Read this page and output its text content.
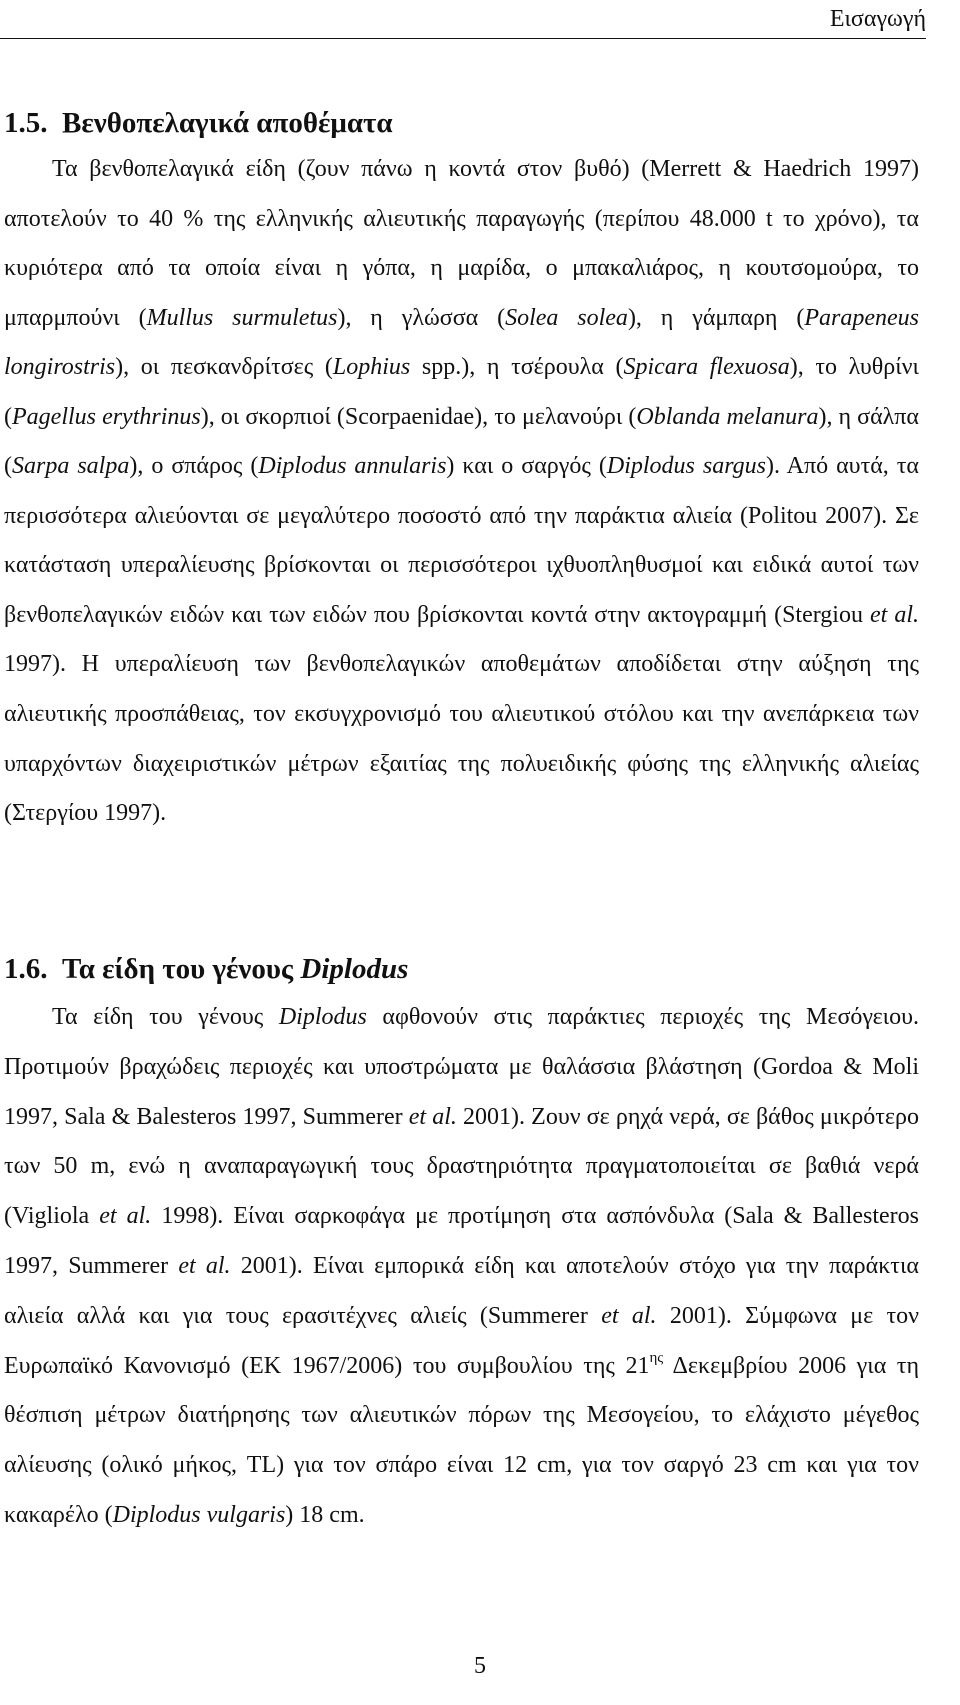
Εισαγωγή
1.5. Βενθοπελαγικά αποθέματα

Τα βενθοπελαγικά είδη (ζουν πάνω η κοντά στον βυθό) (Merrett & Haedrich 1997) αποτελούν το 40 % της ελληνικής αλιευτικής παραγωγής (περίπου 48.000 t το χρόνο), τα κυριότερα από τα οποία είναι η γόπα, η μαρίδα, ο μπακαλιάρος, η κουτσομούρα, το μπαρμπούνι (Mullus surmuletus), η γλώσσα (Solea solea), η γάμπαρη (Parapeneus longirostris), οι πεσκανδρίτσες (Lophius spp.), η τσέρουλα (Spicara flexuosa), το λυθρίνι (Pagellus erythrinus), οι σκορπιοί (Scorpaenidae), το μελανούρι (Oblanda melanura), η σάλπα (Sarpa salpa), ο σπάρος (Diplodus annularis) και ο σαργός (Diplodus sargus). Από αυτά, τα περισσότερα αλιεύονται σε μεγαλύτερο ποσοστό από την παράκτια αλιεία (Politou 2007). Σε κατάσταση υπεραλίευσης βρίσκονται οι περισσότεροι ιχθυοπληθυσμοί και ειδικά αυτοί των βενθοπελαγικών ειδών και των ειδών που βρίσκονται κοντά στην ακτογραμμή (Stergiou et al. 1997). Η υπεραλίευση των βενθοπελαγικών αποθεμάτων αποδίδεται στην αύξηση της αλιευτικής προσπάθειας, τον εκσυγχρονισμό του αλιευτικού στόλου και την ανεπάρκεια των υπαρχόντων διαχειριστικών μέτρων εξαιτίας της πολυειδικής φύσης της ελληνικής αλιείας (Στεργίου 1997).

1.6. Τα είδη του γένους Diplodus

Τα είδη του γένους Diplodus αφθονούν στις παράκτιες περιοχές της Μεσόγειου. Προτιμούν βραχώδεις περιοχές και υποστρώματα με θαλάσσια βλάστηση (Gordoa & Moli 1997, Sala & Balesteros 1997, Summerer et al. 2001). Ζουν σε ρηχά νερά, σε βάθος μικρότερο των 50 m, ενώ η αναπαραγωγική τους δραστηριότητα πραγματοποιείται σε βαθιά νερά (Vigliola et al. 1998). Είναι σαρκοφάγα με προτίμηση στα ασπόνδυλα (Sala & Ballesteros 1997, Summerer et al. 2001). Είναι εμπορικά είδη και αποτελούν στόχο για την παράκτια αλιεία αλλά και για τους ερασιτέχνες αλιείς (Summerer et al. 2001). Σύμφωνα με τον Ευρωπαϊκό Κανονισμό (ΕΚ 1967/2006) του συμβουλίου της $21^{\eta\varsigma}$ Δεκεμβρίου 2006 για τη θέσπιση μέτρων διατήρησης των αλιευτικών πόρων της Μεσογείου, το ελάχιστο μέγεθος αλίευσης (ολικό μήκος, TL) για τον σπάρο είναι 12 cm, για τον σαργό 23 cm και για τον κακαρέλο (Diplodus vulgaris) 18 cm.

5
